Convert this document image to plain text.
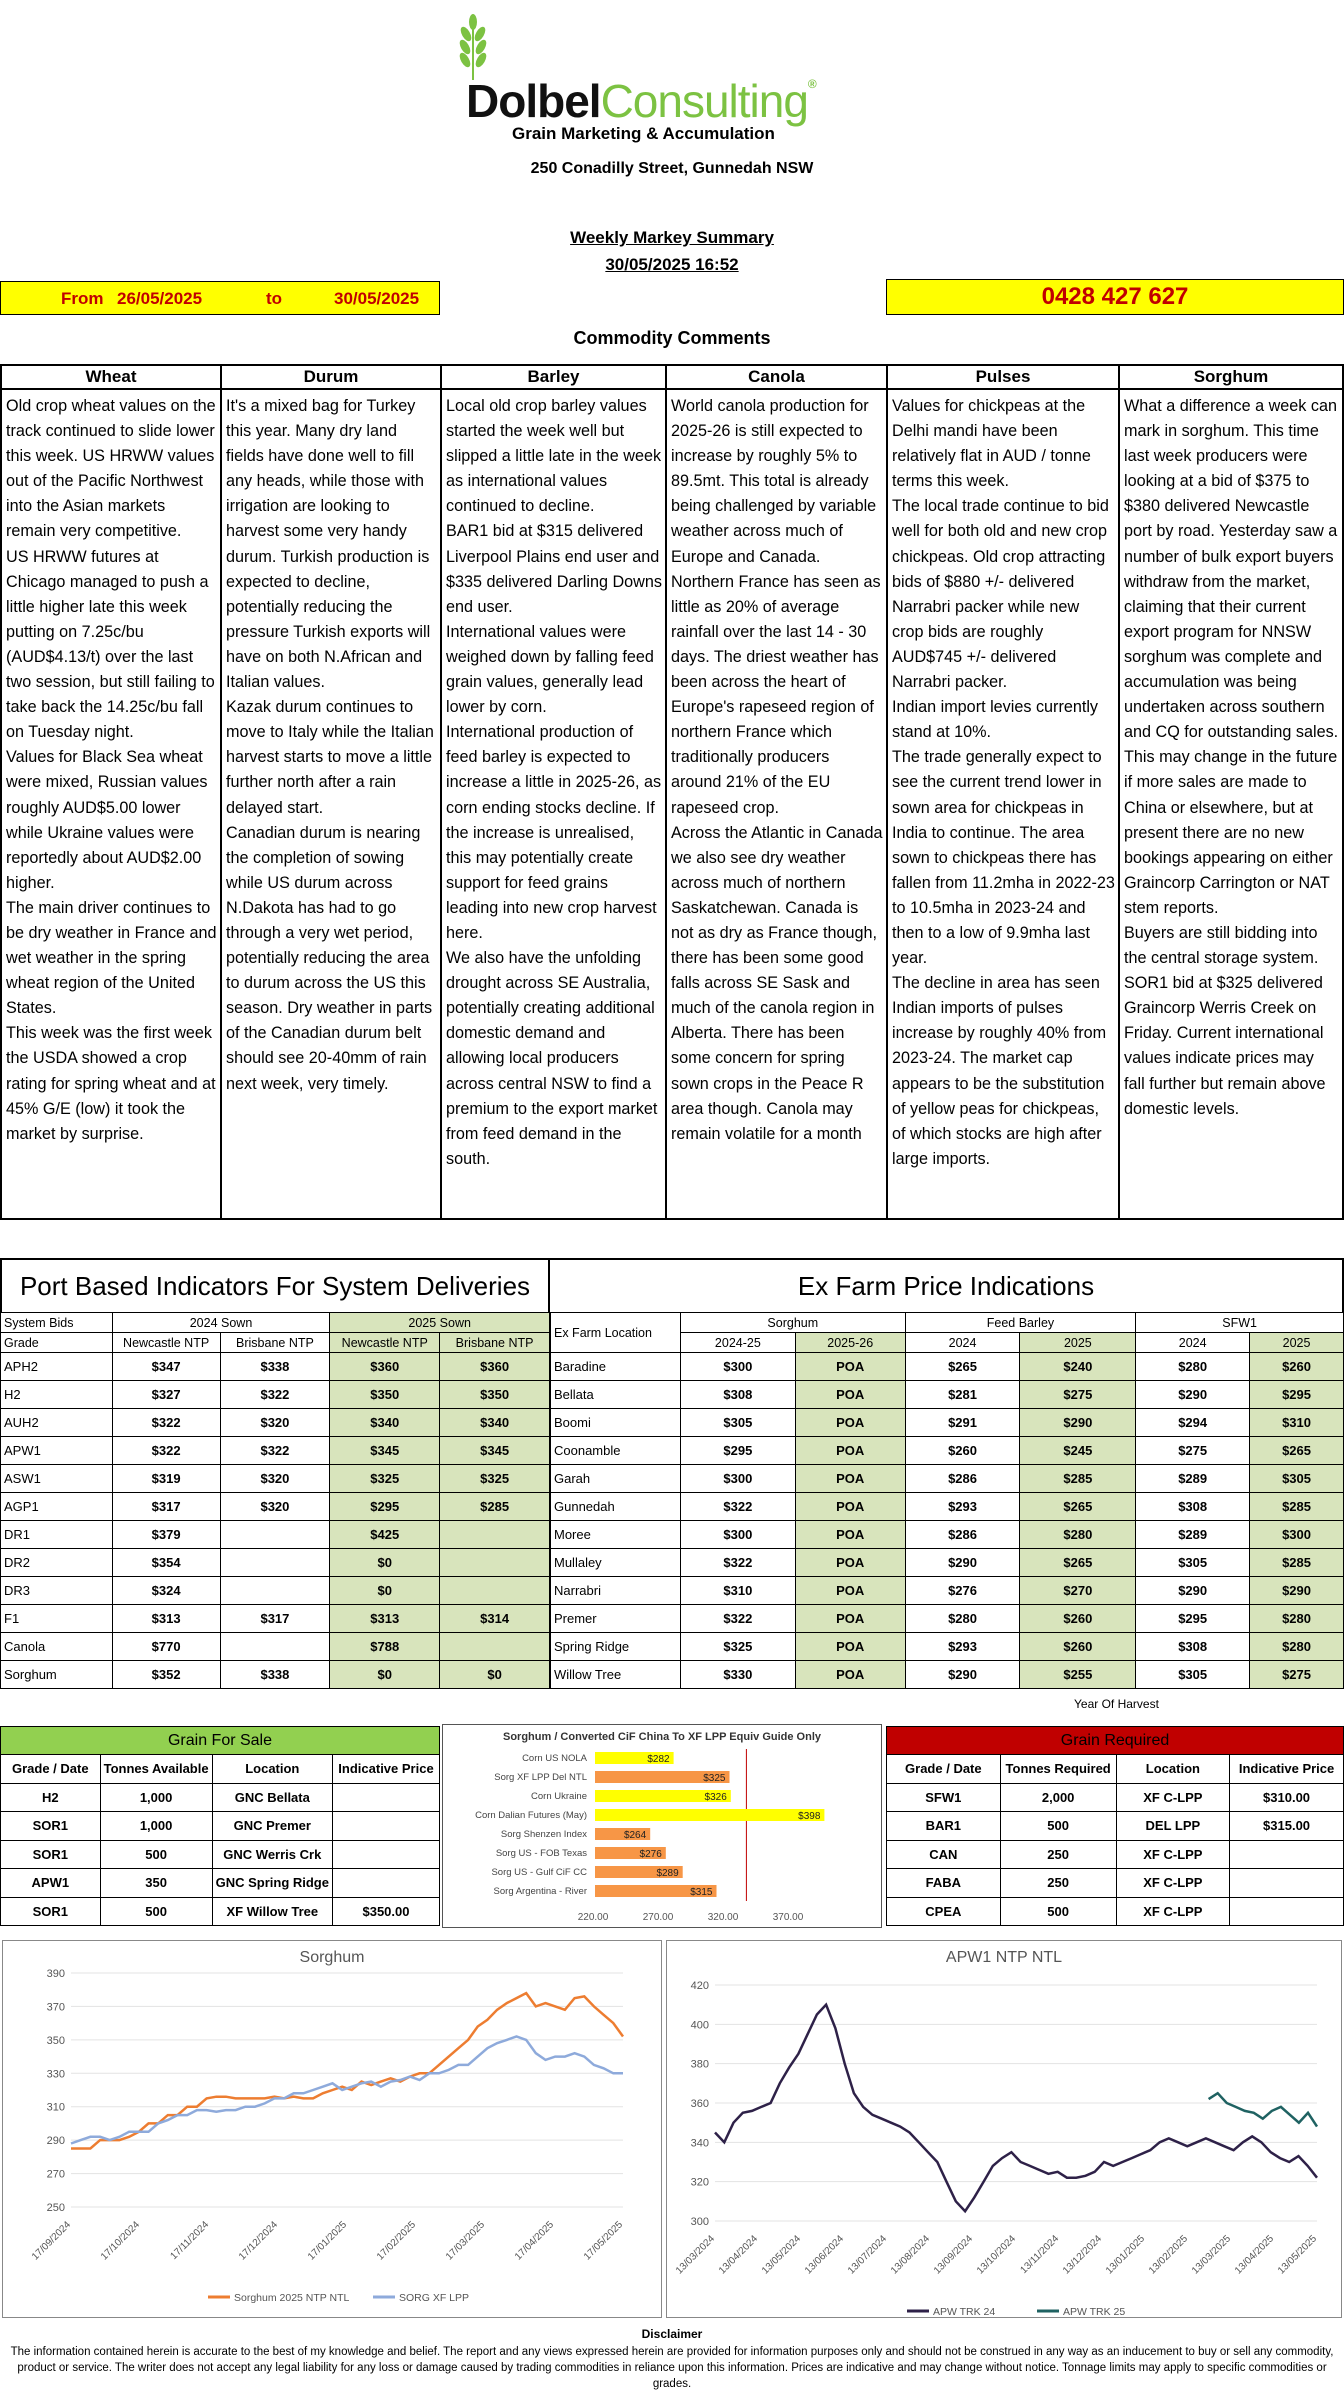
DolbelConsulting®
Grain Marketing & Accumulation
250 Conadilly Street, Gunnedah NSW
Weekly Markey Summary
30/05/2025 16:52
From 26/05/2025	to	30/05/2025	0428 427 627
Commodity Comments
Wheat
Old crop wheat values on the track continued to slide lower this week. US HRWW values out of the Pacific Northwest into the Asian markets remain very competitive.
US HRWW futures at Chicago managed to push a little higher late this week putting on 7.25c/bu (AUD$4.13/t) over the last two session, but still failing to take back the 14.25c/bu fall on Tuesday night.
Values for Black Sea wheat were mixed, Russian values roughly AUD$5.00 lower while Ukraine values were reportedly about AUD$2.00 higher.
The main driver continues to be dry weather in France and wet weather in the spring wheat region of the United States.
This week was the first week the USDA showed a crop rating for spring wheat and at 45% G/E (low) it took the market by surprise.
Durum
It's a mixed bag for Turkey this year. Many dry land fields have done well to fill any heads, while those with irrigation are looking to harvest some very handy durum. Turkish production is expected to decline, potentially reducing the pressure Turkish exports will have on both N.African and Italian values.
Kazak durum continues to move to Italy while the Italian harvest starts to move a little further north after a rain delayed start.
Canadian durum is nearing the completion of sowing while US durum across N.Dakota has had to go through a very wet period, potentially reducing the area to durum across the US this season. Dry weather in parts of the Canadian durum belt should see 20-40mm of rain next week, very timely.
Barley
Local old crop barley values started the week well but slipped a little late in the week as international values continued to decline.
BAR1 bid at $315 delivered Liverpool Plains end user and $335 delivered Darling Downs end user.
International values were weighed down by falling feed grain values, generally lead lower by corn.
International production of feed barley is expected to increase a little in 2025-26, as corn ending stocks decline. If the increase is unrealised, this may potentially create support for feed grains leading into new crop harvest here.
We also have the unfolding drought across SE Australia, potentially creating additional domestic demand and allowing local producers across central NSW to find a premium to the export market from feed demand in the south.
Canola
World canola production for 2025-26 is still expected to increase by roughly 5% to 89.5mt. This total is already being challenged by variable weather across much of Europe and Canada.
Northern France has seen as little as 20% of average rainfall over the last 14 - 30 days. The driest weather has been across the heart of Europe's rapeseed region of northern France which traditionally producers around 21% of the EU rapeseed crop.
Across the Atlantic in Canada we also see dry weather across much of northern Saskatchewan. Canada is not as dry as France though, there has been some good falls across SE Sask and much of the canola region in Alberta. There has been some concern for spring sown crops in the Peace R area though. Canola may remain volatile for a month
Pulses
Values for chickpeas at the Delhi mandi have been relatively flat in AUD / tonne terms this week.
The local trade continue to bid well for both old and new crop chickpeas. Old crop attracting bids of $880 +/- delivered Narrabri packer while new crop bids are roughly AUD$745 +/- delivered Narrabri packer.
Indian import levies currently stand at 10%.
The trade generally expect to see the current trend lower in sown area for chickpeas in India to continue. The area sown to chickpeas there has fallen from 11.2mha in 2022-23 to 10.5mha in 2023-24 and then to a low of 9.9mha last year.
The decline in area has seen Indian imports of pulses increase by roughly 40% from 2023-24. The market cap appears to be the substitution of yellow peas for chickpeas, of which stocks are high after large imports.
Sorghum
What a difference a week can mark in sorghum. This time last week producers were looking at a bid of $375 to $380 delivered Newcastle port by road. Yesterday saw a number of bulk export buyers withdraw from the market, claiming that their current export program for NNSW sorghum was complete and accumulation was being undertaken across southern and CQ for outstanding sales. This may change in the future if more sales are made to China or elsewhere, but at present there are no new bookings appearing on either Graincorp Carrington or NAT stem reports.
Buyers are still bidding into the central storage system. SOR1 bid at $325 delivered Graincorp Werris Creek on Friday. Current international values indicate prices may fall further but remain above domestic levels.
Port Based Indicators For System Deliveries	Ex Farm Price Indications
System Bids	2024 Sown		2025 Sown	
Grade	Newcastle NTP	Brisbane NTP	Newcastle NTP	Brisbane NTP
APH2	$347	$338	$360	$360
H2	$327	$322	$350	$350
AUH2	$322	$320	$340	$340
APW1	$322	$322	$345	$345
ASW1	$319	$320	$325	$325
AGP1	$317	$320	$295	$285
DR1	$379		$425	
DR2	$354		$0	
DR3	$324		$0	
F1	$313	$317	$313	$314
Canola	$770		$788	
Sorghum	$352	$338	$0	$0
Ex Farm Location	Sorghum		Feed Barley		SFW1	
	2024-25	2025-26	2024	2025	2024	2025
Baradine	$300	POA	$265	$240	$280	$260
Bellata	$308	POA	$281	$275	$290	$295
Boomi	$305	POA	$291	$290	$294	$310
Coonamble	$295	POA	$260	$245	$275	$265
Garah	$300	POA	$286	$285	$289	$305
Gunnedah	$322	POA	$293	$265	$308	$285
Moree	$300	POA	$286	$280	$289	$300
Mullaley	$322	POA	$290	$265	$305	$285
Narrabri	$310	POA	$276	$270	$290	$290
Premer	$322	POA	$280	$260	$295	$280
Spring Ridge	$325	POA	$293	$260	$308	$280
Willow Tree	$330	POA	$290	$255	$305	$275
Year Of Harvest
Grain For Sale			
Grade / Date	Tonnes Available	Location	Indicative Price
H2	1,000	GNC Bellata	
SOR1	1,000	GNC Premer	
SOR1	500	GNC Werris Crk	
APW1	350	GNC Spring Ridge	
SOR1	500	XF Willow Tree	$350.00
Grain Required			
Grade / Date	Tonnes Required	Location	Indicative Price
SFW1	2,000	XF C-LPP	$310.00
BAR1	500	DEL LPP	$315.00
CAN	250	XF C-LPP	
FABA	250	XF C-LPP	
CPEA	500	XF C-LPP	
Sorghum / Converted CiF China To XF LPP Equiv Guide Only
Corn US NOLA	$282
Sorg XF LPP Del NTL	$325
Corn Ukraine	$326
Corn Dalian Futures (May)	$398
Sorg Shenzen Index	$264
Sorg US - FOB Texas	$276
Sorg US - Gulf CiF CC	$289
Sorg Argentina - River	$315
220.00	270.00	320.00	370.00
Sorghum
250
270
290
310
330
350
370
390
17/09/2024	17/10/2024	17/11/2024	17/12/2024	17/01/2025	17/02/2025	17/03/2025	17/04/2025	17/05/2025
Sorghum 2025 NTP NTL	SORG XF LPP
APW1 NTP NTL
300
320
340
360
380
400
420
13/03/2024 13/04/2024 13/05/2024 13/06/2024 13/07/2024 13/08/2024 13/09/2024 13/10/2024 13/11/2024 13/12/2024 13/01/2025 13/02/2025 13/03/2025 13/04/2025 13/05/2025
APW TRK 24	APW TRK 25
Disclaimer
The information contained herein is accurate to the best of my knowledge and belief. The report and any views expressed herein are provided for information purposes only and should not be construed in any way as an inducement to buy or sell any commodity, product or service. The writer does not accept any legal liability for any loss or damage caused by trading commodities in reliance upon this information. Prices are indicative and may change without notice. Tonnage limits may apply to specific commodities or grades.
